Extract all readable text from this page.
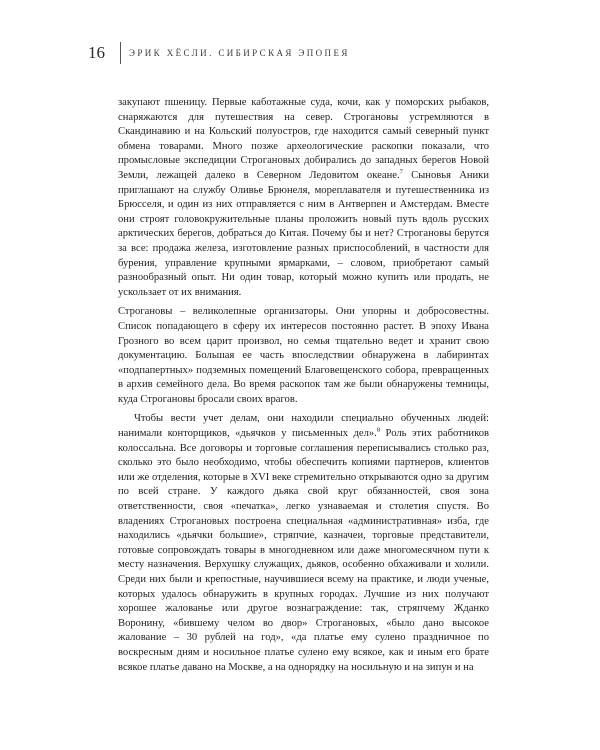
16	ЭРИК ХЁСЛИ. СИБИРСКАЯ ЭПОПЕЯ

закупают пшеницу. Первые каботажные суда, кочи, как у поморских рыбаков, снаряжаются для путешествия на север. Строгановы устремляются в Скандинавию и на Кольский полуостров, где находится самый северный пункт обмена товарами. Много позже археологические раскопки показали, что промысловые экспедиции Строгановых добирались до западных берегов Новой Земли, лежащей далеко в Северном Ледовитом океане.$^7$ Сыновья Аники приглашают на службу Оливье Брюнеля, мореплавателя и путешественника из Брюсселя, и один из них отправляется с ним в Антверпен и Амстердам. Вместе они строят головокружительные планы проложить новый путь вдоль русских арктических берегов, добраться до Китая. Почему бы и нет? Строгановы берутся за все: продажа железа, изготовление разных приспособлений, в частности для бурения, управление крупными ярмарками, – словом, приобретают самый разнообразный опыт. Ни один товар, который можно купить или продать, не ускользает от их внимания.

Строгановы – великолепные организаторы. Они упорны и добросовестны. Список попадающего в сферу их интересов постоянно растет. В эпоху Ивана Грозного во всем царит произвол, но семья тщательно ведет и хранит свою документацию. Большая ее часть впоследствии обнаружена в лабиринтах «подпапертных» подземных помещений Благовещенского собора, превращенных в архив семейного дела. Во время раскопок там же были обнаружены темницы, куда Строгановы бросали своих врагов.

Чтобы вести учет делам, они находили специально обученных людей: нанимали конторщиков, «дьячков у письменных дел».$^8$ Роль этих работников колоссальна. Все договоры и торговые соглашения переписывались столько раз, сколько это было необходимо, чтобы обеспечить копиями партнеров, клиентов или же отделения, которые в XVI веке стремительно открываются одно за другим по всей стране. У каждого дьяка свой круг обязанностей, своя зона ответственности, своя «печатка», легко узнаваемая и столетия спустя. Во владениях Строгановых построена специальная «административная» изба, где находились «дьячки большие», стряпчие, казначеи, торговые представители, готовые сопровождать товары в многодневном или даже многомесячном пути к месту назначения. Верхушку служащих, дьяков, особенно обхаживали и холили. Среди них были и крепостные, научившиеся всему на практике, и люди ученые, которых удалось обнаружить в крупных городах. Лучшие из них получают хорошее жалованье или другое вознаграждение: так, стряпчему Жданко Воронину, «бившему челом во двор» Строгановых, «было дано высокое жалование – 30 рублей на год», «да платье ему сулено праздничное по воскресным дням и носильное платье сулено ему всякое, как и иным его брате всякое платье давано на Москве, а на однорядку на носильную и на зипун и на
